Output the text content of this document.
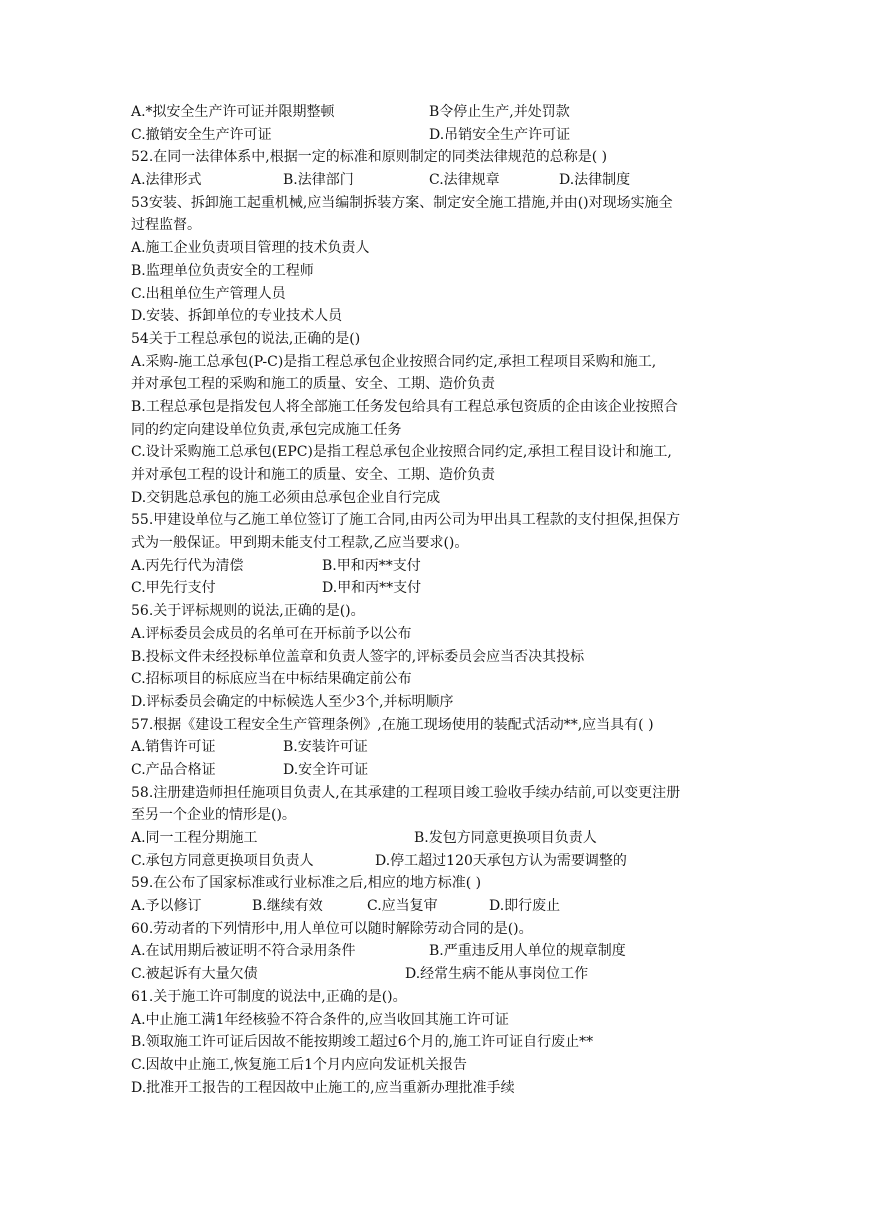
A.*拟安全生产许可证并限期整顿	B令停止生产,并处罚款
C.撤销安全生产许可证	D.吊销安全生产许可证
52.在同一法律体系中,根据一定的标准和原则制定的同类法律规范的总称是( )
A.法律形式	B.法律部门	C.法律规章	D.法律制度
53安装、拆卸施工起重机械,应当编制拆装方案、制定安全施工措施,并由()对现场实施全
过程监督。
A.施工企业负责项目管理的技术负责人
B.监理单位负责安全的工程师
C.出租单位生产管理人员
D.安装、拆卸单位的专业技术人员
54关于工程总承包的说法,正确的是()
A.采购-施工总承包(P-C)是指工程总承包企业按照合同约定,承担工程项目采购和施工,
并对承包工程的采购和施工的质量、安全、工期、造价负责
B.工程总承包是指发包人将全部施工任务发包给具有工程总承包资质的企由该企业按照合
同的约定向建设单位负责,承包完成施工任务
C.设计采购施工总承包(EPC)是指工程总承包企业按照合同约定,承担工程目设计和施工,
并对承包工程的设计和施工的质量、安全、工期、造价负责
D.交钥匙总承包的施工必须由总承包企业自行完成
55.甲建设单位与乙施工单位签订了施工合同,由丙公司为甲出具工程款的支付担保,担保方
式为一般保证。甲到期未能支付工程款,乙应当要求()。
A.丙先行代为清偿	B.甲和丙**支付
C.甲先行支付	D.甲和丙**支付
56.关于评标规则的说法,正确的是()。
A.评标委员会成员的名单可在开标前予以公布
B.投标文件未经投标单位盖章和负责人签字的,评标委员会应当否决其投标
C.招标项目的标底应当在中标结果确定前公布
D.评标委员会确定的中标候选人至少3个,并标明顺序
57.根据《建设工程安全生产管理条例》,在施工现场使用的装配式活动**,应当具有( )
A.销售许可证	B.安装许可证
C.产品合格证	D.安全许可证
58.注册建造师担任施项目负责人,在其承建的工程项目竣工验收手续办结前,可以变更注册
至另一个企业的情形是()。
A.同一工程分期施工	B.发包方同意更换项目负责人
C.承包方同意更换项目负责人	D.停工超过120天承包方认为需要调整的
59.在公布了国家标准或行业标准之后,相应的地方标准( )
A.予以修订	B.继续有效	C.应当复审	D.即行废止
60.劳动者的下列情形中,用人单位可以随时解除劳动合同的是()。
A.在试用期后被证明不符合录用条件	B.严重违反用人单位的规章制度
C.被起诉有大量欠债	D.经常生病不能从事岗位工作
61.关于施工许可制度的说法中,正确的是()。
A.中止施工满1年经核验不符合条件的,应当收回其施工许可证
B.领取施工许可证后因故不能按期竣工超过6个月的,施工许可证自行废止**
C.因故中止施工,恢复施工后1个月内应向发证机关报告
D.批准开工报告的工程因故中止施工的,应当重新办理批准手续
